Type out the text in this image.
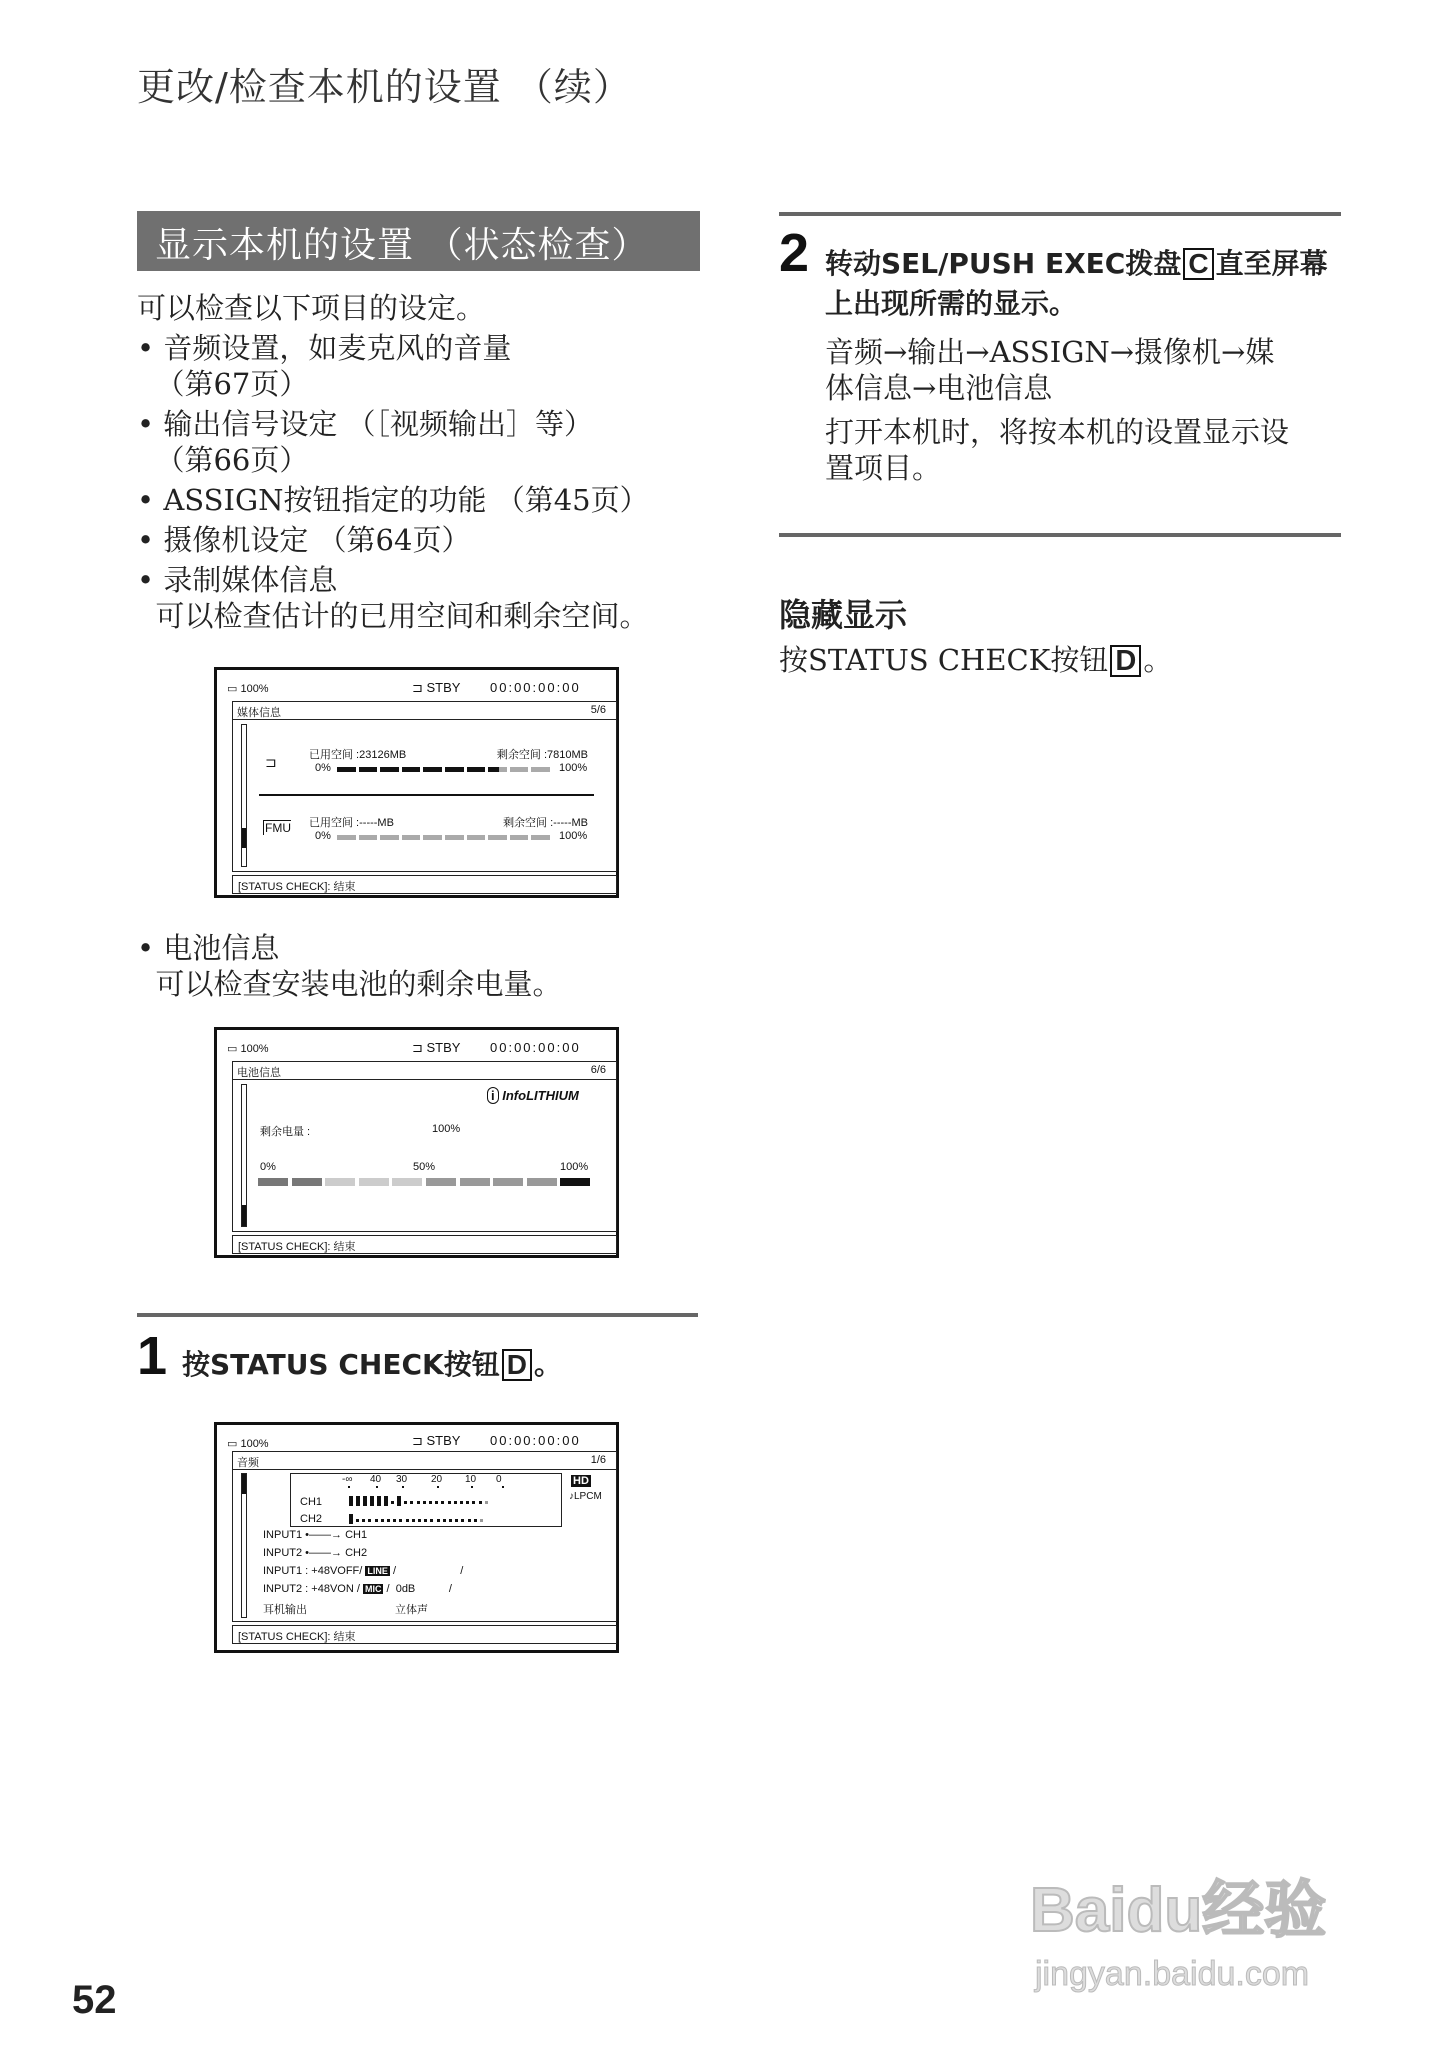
更改/检查本机的设置 （续）
显示本机的设置 （状态检查）
可以检查以下项目的设定。
• 音频设置，如麦克风的音量
（第67页）
• 输出信号设定 （［视频输出］等）
（第66页）
• ASSIGN按钮指定的功能 （第45页）
• 摄像机设定 （第64页）
• 录制媒体信息
可以检查估计的已用空间和剩余空间。
▭ 100%	⊐ STBY 00:00:00:00
媒体信息	5/6
⊐	已用空间 :23126MB	剩余空间 :7810MB
0%	100%
FMU 已用空间 :-----MB	剩余空间 :-----MB
0%	100%
[STATUS CHECK]: 结束
• 电池信息
可以检查安装电池的剩余电量。
▭ 100%	⊐ STBY 00:00:00:00
电池信息	6/6
i InfoLITHIUM
剩余电量 :	100%
0%	50%	100%
[STATUS CHECK]: 结束
1 按STATUS CHECK按钮 D 。
▭ 100%	⊐ STBY 00:00:00:00
音频	1/6
-∞ 40 30 20 10 0
CH1
CH2
HD
♪LPCM
INPUT1 •——→ CH1
INPUT2 •——→ CH2
INPUT1 : +48VOFF/ LINE /                     /
INPUT2 : +48VON / MIC /  0dB           /
耳机输出	立体声
[STATUS CHECK]: 结束
2 转动SEL/PUSH EXEC拨盘 C 直至屏幕
上出现所需的显示。
音频→输出→ASSIGN→摄像机→媒
体信息→电池信息
打开本机时，将按本机的设置显示设
置项目。
隐藏显示
按STATUS CHECK按钮 D 。
52
Baidu经验
jingyan.baidu.com
